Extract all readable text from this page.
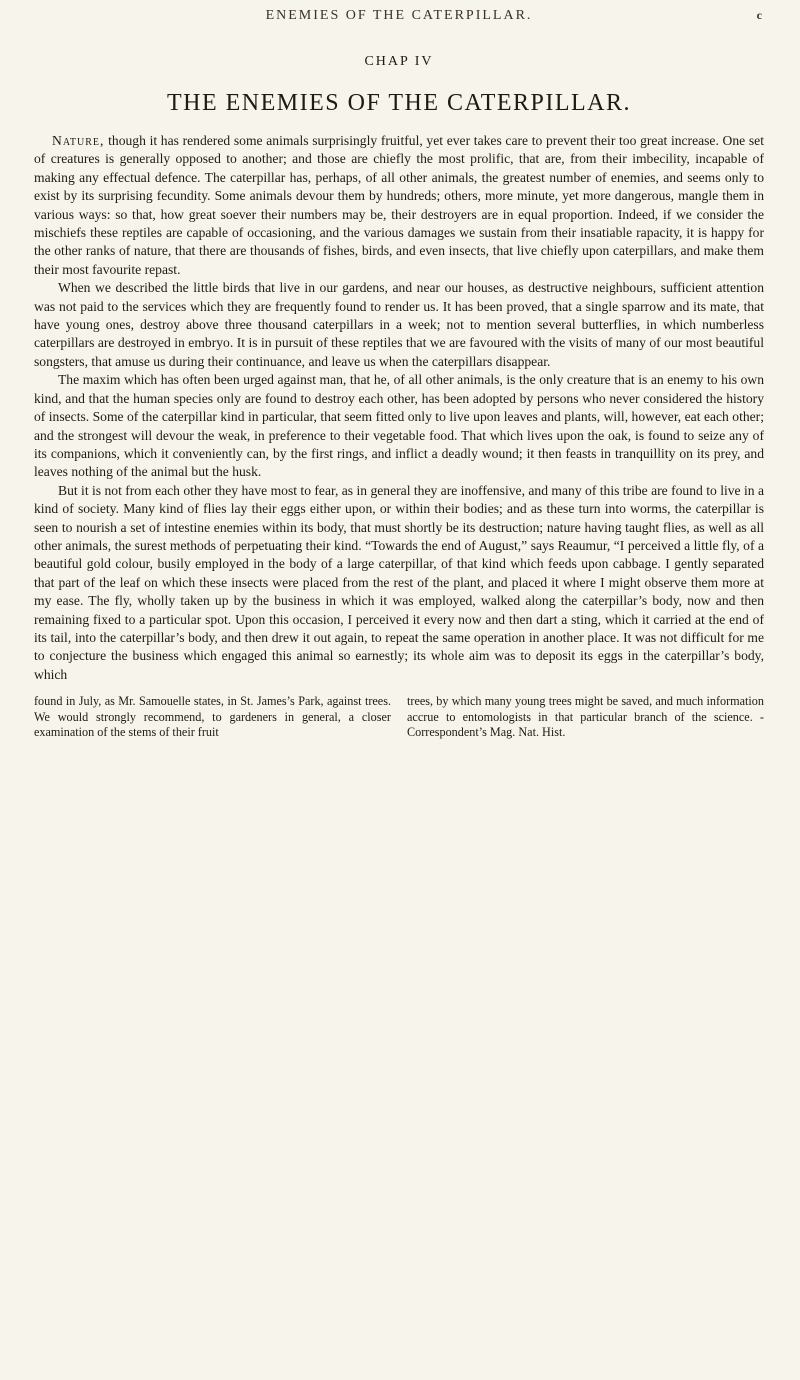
ENEMIES OF THE CATERPILLAR.	c
CHAP IV
THE ENEMIES OF THE CATERPILLAR.

Nature, though it has rendered some animals surprisingly fruitful, yet ever takes care to prevent their too great increase. One set of creatures is generally opposed to another; and those are chiefly the most prolific, that are, from their imbecility, incapable of making any effectual defence. The caterpillar has, perhaps, of all other animals, the greatest number of enemies, and seems only to exist by its surprising fecundity. Some animals devour them by hundreds; others, more minute, yet more dangerous, mangle them in various ways: so that, how great soever their numbers may be, their destroyers are in equal proportion. Indeed, if we consider the mischiefs these reptiles are capable of occasioning, and the various damages we sustain from their insatiable rapacity, it is happy for the other ranks of nature, that there are thousands of fishes, birds, and even insects, that live chiefly upon caterpillars, and make them their most favourite repast.

When we described the little birds that live in our gardens, and near our houses, as destructive neighbours, sufficient attention was not paid to the services which they are frequently found to render us. It has been proved, that a single sparrow and its mate, that have young ones, destroy above three thousand caterpillars in a week; not to mention several butterflies, in which numberless caterpillars are destroyed in embryo. It is in pursuit of these reptiles that we are favoured with the visits of many of our most beautiful songsters, that amuse us during their continuance, and leave us when the caterpillars disappear.

The maxim which has often been urged against man, that he, of all other animals, is the only creature that is an enemy to his own kind, and that the human species only are found to destroy each other, has been adopted by persons who never considered the history of insects. Some of the caterpillar kind in particular, that seem fitted only to live upon leaves and plants, will, however, eat each other; and the strongest will devour the weak, in preference to their vegetable food. That which lives upon the oak, is found to seize any of its companions, which it conveniently can, by the first rings, and inflict a deadly wound; it then feasts in tranquillity on its prey, and leaves nothing of the animal but the husk.

But it is not from each other they have most to fear, as in general they are inoffensive, and many of this tribe are found to live in a kind of society. Many kind of flies lay their eggs either upon, or within their bodies; and as these turn into worms, the caterpillar is seen to nourish a set of intestine enemies within its body, that must shortly be its destruction; nature having taught flies, as well as all other animals, the surest methods of perpetuating their kind. “Towards the end of August,” says Reaumur, “I perceived a little fly, of a beautiful gold colour, busily employed in the body of a large caterpillar, of that kind which feeds upon cabbage. I gently separated that part of the leaf on which these insects were placed from the rest of the plant, and placed it where I might observe them more at my ease. The fly, wholly taken up by the business in which it was employed, walked along the caterpillar’s body, now and then remaining fixed to a particular spot. Upon this occasion, I perceived it every now and then dart a sting, which it carried at the end of its tail, into the caterpillar’s body, and then drew it out again, to repeat the same operation in another place. It was not difficult for me to conjecture the business which engaged this animal so earnestly; its whole aim was to deposit its eggs in the caterpillar’s body, which

found in July, as Mr. Samouelle states, in St. James’s Park, against trees. We would strongly recommend, to gardeners in general, a closer examination of the stems of their fruit
trees, by which many young trees might be saved, and much information accrue to entomologists in that particular branch of the science. -Correspondent’s Mag. Nat. Hist.
